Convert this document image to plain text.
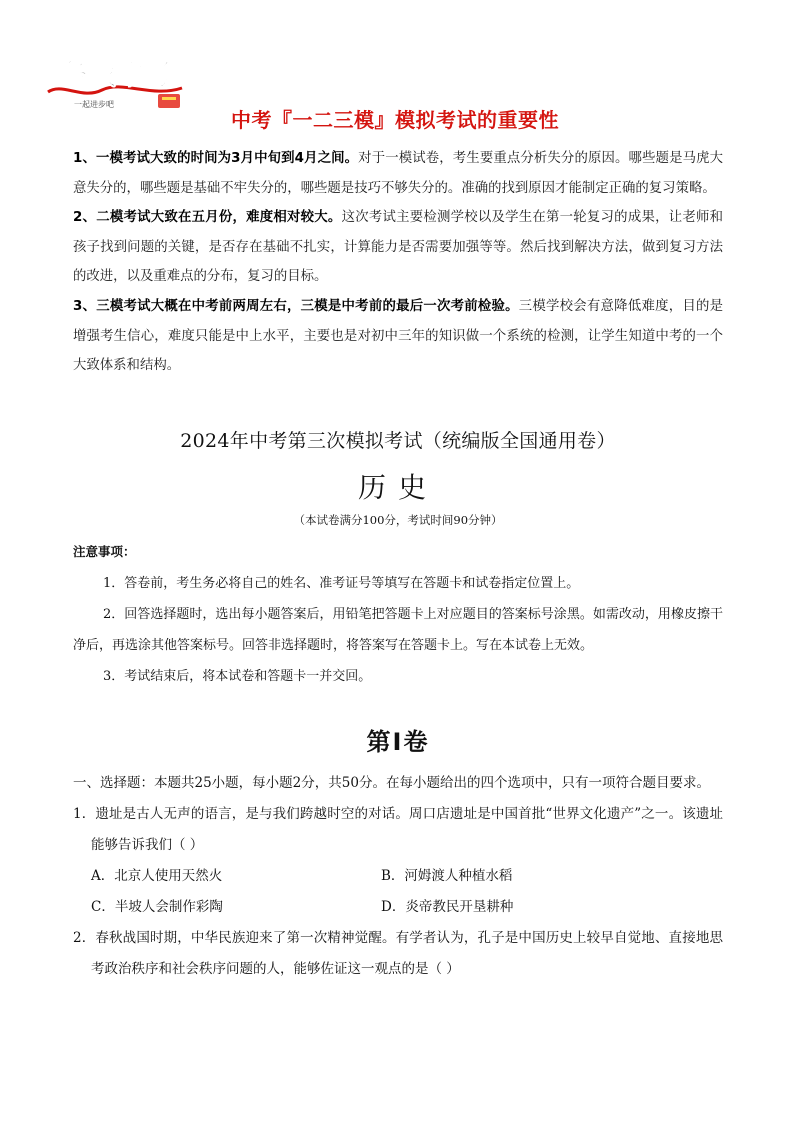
备战中考
一起进步吧
中考『一二三模』模拟考试的重要性

1、一模考试大致的时间为3月中旬到4月之间。对于一模试卷，考生要重点分析失分的原因。哪些题是马虎大意失分的，哪些题是基础不牢失分的，哪些题是技巧不够失分的。准确的找到原因才能制定正确的复习策略。

2、二模考试大致在五月份，难度相对较大。这次考试主要检测学校以及学生在第一轮复习的成果，让老师和孩子找到问题的关键，是否存在基础不扎实，计算能力是否需要加强等等。然后找到解决方法，做到复习方法的改进，以及重难点的分布，复习的目标。

3、三模考试大概在中考前两周左右，三模是中考前的最后一次考前检验。三模学校会有意降低难度，目的是增强考生信心，难度只能是中上水平，主要也是对初中三年的知识做一个系统的检测，让学生知道中考的一个大致体系和结构。

2024年中考第三次模拟考试（统编版全国通用卷）
历史
（本试卷满分100分，考试时间90分钟）
注意事项：

1．答卷前，考生务必将自己的姓名、准考证号等填写在答题卡和试卷指定位置上。

2．回答选择题时，选出每小题答案后，用铅笔把答题卡上对应题目的答案标号涂黑。如需改动，用橡皮擦干净后，再选涂其他答案标号。回答非选择题时，将答案写在答题卡上。写在本试卷上无效。

3．考试结束后，将本试卷和答题卡一并交回。

第Ⅰ卷

一、选择题：本题共25小题，每小题2分，共50分。在每小题给出的四个选项中，只有一项符合题目要求。

1．遗址是古人无声的语言，是与我们跨越时空的对话。周口店遗址是中国首批“世界文化遗产”之一。该遗址能够告诉我们（ ）

A．北京人使用天然火	B．河姆渡人种植水稻
C．半坡人会制作彩陶	D．炎帝教民开垦耕种

2．春秋战国时期，中华民族迎来了第一次精神觉醒。有学者认为，孔子是中国历史上较早自觉地、直接地思考政治秩序和社会秩序问题的人，能够佐证这一观点的是（ ）
